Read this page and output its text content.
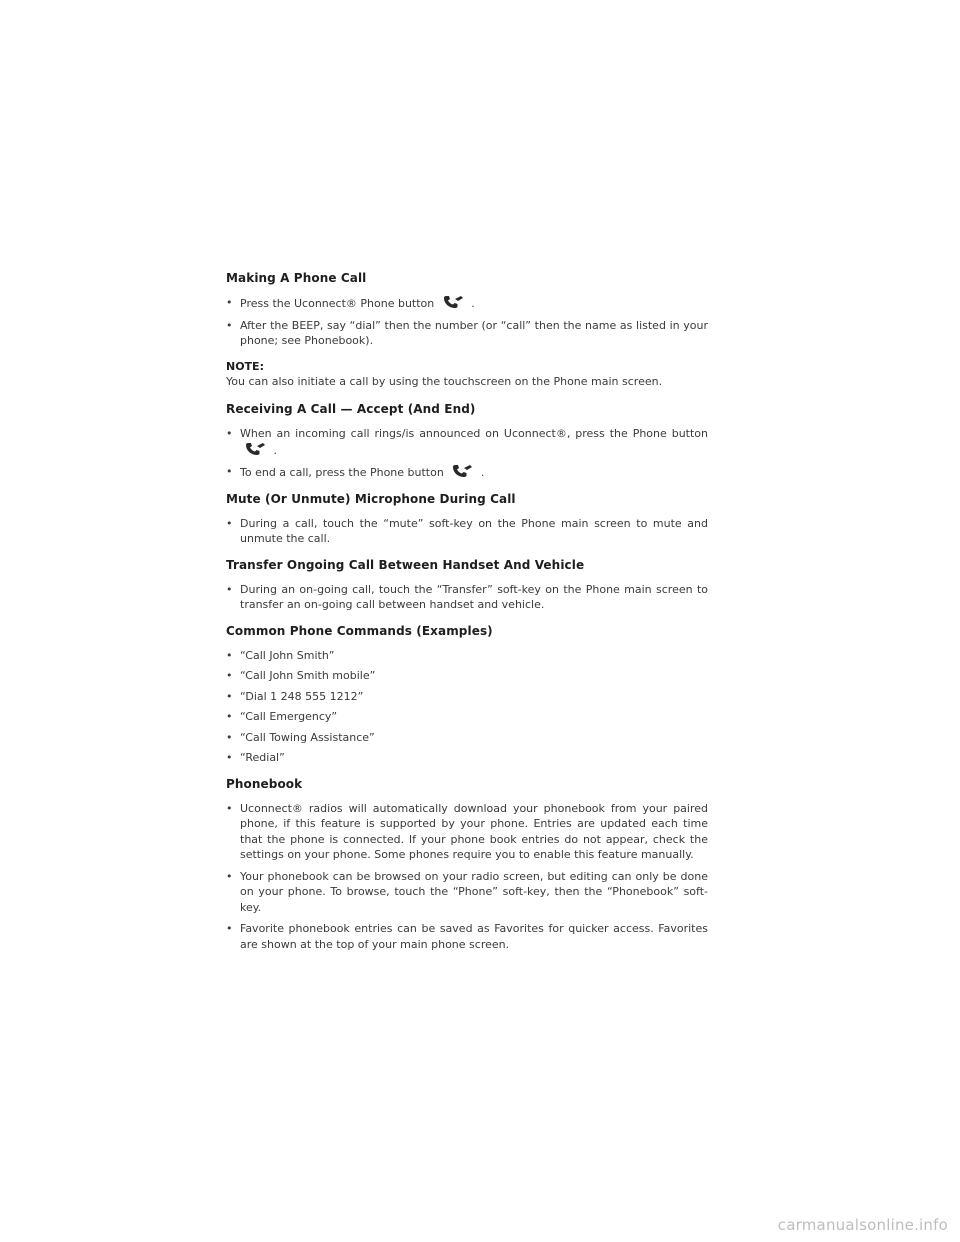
Making A Phone Call
• Press the Uconnect® Phone button	.
• After the BEEP, say “dial” then the number (or “call” then the name as listed in your phone; see Phonebook).
NOTE:
You can also initiate a call by using the touchscreen on the Phone main screen.
Receiving A Call — Accept (And End)
• When an incoming call rings/is announced on Uconnect®, press the Phone button  .
• To end a call, press the Phone button	.
Mute (Or Unmute) Microphone During Call
• During a call, touch the “mute” soft-key on the Phone main screen to mute and unmute the call.
Transfer Ongoing Call Between Handset And Vehicle
• During an on-going call, touch the “Transfer” soft-key on the Phone main screen to transfer an on-going call between handset and vehicle.
Common Phone Commands (Examples)
• “Call John Smith”
• “Call John Smith mobile”
• “Dial 1 248 555 1212”
• “Call Emergency”
• “Call Towing Assistance”
• “Redial”
Phonebook
• Uconnect® radios will automatically download your phonebook from your paired phone, if this feature is supported by your phone. Entries are updated each time that the phone is connected. If your phone book entries do not appear, check the settings on your phone. Some phones require you to enable this feature manually.
• Your phonebook can be browsed on your radio screen, but editing can only be done on your phone. To browse, touch the “Phone” soft-key, then the “Phonebook” soft-key.
• Favorite phonebook entries can be saved as Favorites for quicker access. Favorites are shown at the top of your main phone screen.
carmanualsonline.info
